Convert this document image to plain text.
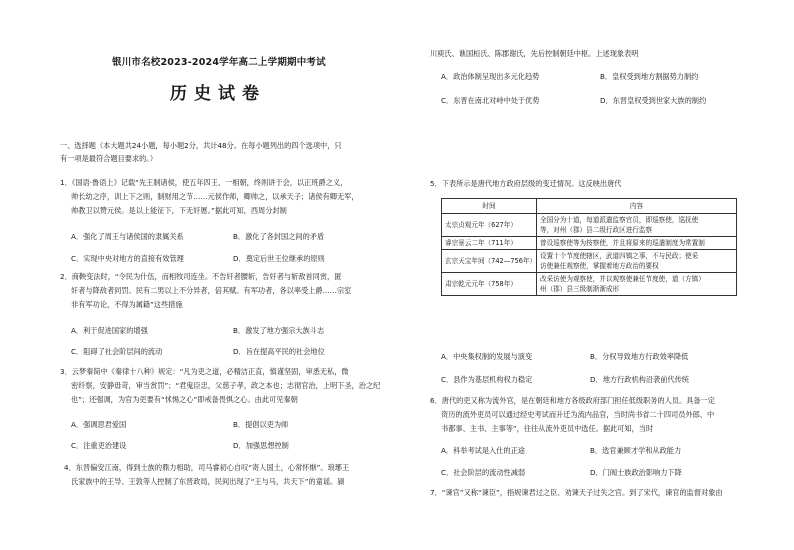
银川市名校2023-2024学年高二上学期期中考试
历史试卷
一、选择题（本大题共24小题，每小题2分，共计48分。在每小题列出的四个选项中，只
有一项是最符合题目要求的。）
1．《国语·鲁语上》记载“先王制诸侯，使五年四王、一相朝，终则讲于会，以正班爵之义，
帅长幼之序，训上下之则，制财用之节……元侯作师，卿帅之，以承天子；诸侯有卿无军，
帅教卫以赞元侯。是以上能征下，下无奸慝。”据此可知，西周分封制
A．强化了周王与诸侯国的隶属关系	B．激化了各封国之间的矛盾
C．实现中央对地方的直接有效管理	D．奠定后世王位继承的原则
2．商鞅变法时，“令民为什伍，而相牧司连坐。不告奸者腰斩，告奸者与斩敌首同赏，匿
奸者与降敌者同罚。民有二男以上不分异者，倍其赋。有军功者，各以率受上爵……宗室
非有军功论，不得为属籍”这些措施
A．利于促进国家的增强	B．激发了地方强宗大族斗志
C．阻碍了社会阶层间的流动	D．旨在提高平民的社会地位
3．云梦秦简中《秦律十八种》规定：“凡为吏之道，必精洁正直，慎谨坚固，审悉无私，微
密纤察，安静毋苛，审当赏罚”；“君鬼臣忠，父慈子孝，政之本也；志彻官治，上明下圣，治之纪
也”；还强调，为官为吏要有“怵惕之心”即戒备畏惧之心。由此可见秦朝
A．强调思君爱国	B．提倡以吏为师
C．注重吏治建设	D．加强思想控制
4．东晋偏安江南，得到士族的鼎力相助，司马睿初心自叹“寄人国土，心常怀惭”。琅琊王
氏家族中的王导、王敦等人控制了东晋政局，民间出现了“王与马，共天下”的童谣。颍
川庾氏、谯国桓氏、陈郡谢氏，先后控制朝廷中枢。上述现象表明
A．政治体制呈现出多元化趋势	B．皇权受到地方割据势力制约
C．东晋在南北对峙中处于优势	D．东晋皇权受到世家大族的制约
5．下表所示是唐代地方政府层级的变迁情况。这反映出唐代
时间	内容
太宗贞观元年（627年）	全国分为十道，每道派遣监察官员，即巡察使，巡抚使
等，对州（郡）县二级行政区进行监察

睿宗景云二年（711年）	曾设巡察使等为按察使，并且将原来的巡遣制度为常置制

玄宗天宝年间（742—756年）	设置十个节度使辖区，武道四镇之事，不与民政；使采
访使兼任观察使，掌握着地方政治的要权

肃宗乾元元年（758年）	改采访使为观察使，并以观察使兼任节度使，道（方镇）
州（郡）县三级制渐渐成形
A．中央集权制的发展与演变	B．分权导致地方行政效率降低
C．县作为基层机构权力稳定	D．地方行政机构沿袭前代传统
6．唐代的吏又称为流外官，是在朝廷和地方各级政府部门担任低级职务的人员。具备一定
资历的流外吏员可以通过经史考试而升迁为流内品官，当时尚书省二十四司员外郎、中
书都事、主书、主事等”，往往从流外吏员中选任。据此可知，当时
A．科举考试是入仕的正途	B．选官兼顾才学和从政能力
C．社会阶层的流动性减弱	D．门阀士族政治影响力下降
7．“谏官”又称“谏臣”，指规谏君过之臣、劝谏天子过失之官。到了宋代，谏官的监督对象由
